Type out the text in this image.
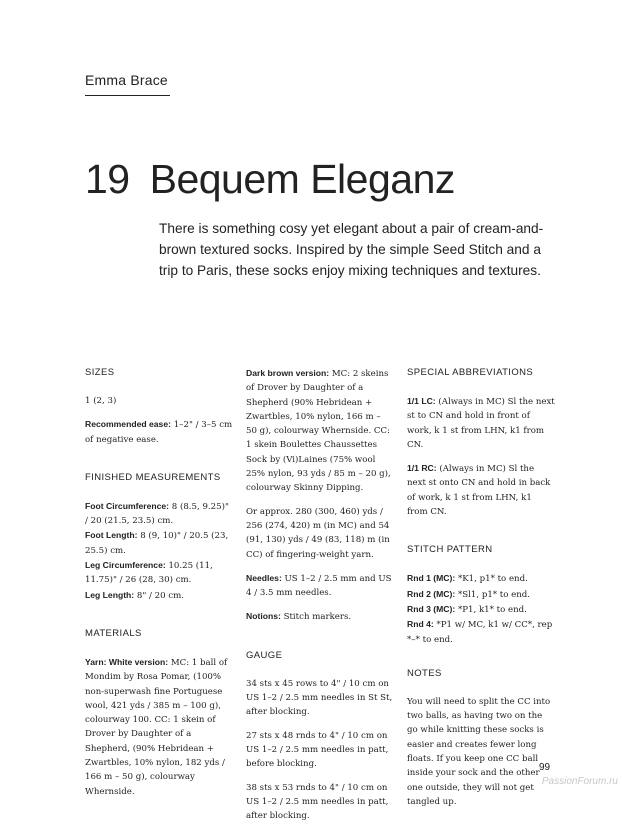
Emma Brace
19 Bequem Eleganz
There is something cosy yet elegant about a pair of cream-and-brown textured socks. Inspired by the simple Seed Stitch and a trip to Paris, these socks enjoy mixing techniques and textures.
SIZES

1 (2, 3)

Recommended ease: 1–2" / 3–5 cm of negative ease.

FINISHED MEASUREMENTS
Foot Circumference: 8 (8.5, 9.25)" / 20 (21.5, 23.5) cm.
Foot Length: 8 (9, 10)" / 20.5 (23, 25.5) cm.
Leg Circumference: 10.25 (11, 11.75)" / 26 (28, 30) cm.
Leg Length: 8" / 20 cm.
MATERIALS

Yarn: White version: MC: 1 ball of Mondim by Rosa Pomar, (100% non-superwash fine Portuguese wool, 421 yds / 385 m – 100 g), colourway 100. CC: 1 skein of Drover by Daughter of a Shepherd, (90% Hebridean + Zwartbles, 10% nylon, 182 yds / 166 m – 50 g), colourway Whernside.

Dark brown version: MC: 2 skeins of Drover by Daughter of a Shepherd (90% Hebridean + Zwartbles, 10% nylon, 166 m – 50 g), colourway Whernside. CC: 1 skein Boulettes Chaussettes Sock by (Vi)Laines (75% wool 25% nylon, 93 yds / 85 m – 20 g), colourway Skinny Dipping.

Or approx. 280 (300, 460) yds / 256 (274, 420) m (in MC) and 54 (91, 130) yds / 49 (83, 118) m (in CC) of fingering-weight yarn.

Needles: US 1–2 / 2.5 mm and US 4 / 3.5 mm needles.

Notions: Stitch markers.

GAUGE

34 sts x 45 rows to 4" / 10 cm on US 1–2 / 2.5 mm needles in St St, after blocking.

27 sts x 48 rnds to 4" / 10 cm on US 1–2 / 2.5 mm needles in patt, before blocking.

38 sts x 53 rnds to 4" / 10 cm on US 1–2 / 2.5 mm needles in patt, after blocking.

SPECIAL ABBREVIATIONS

1/1 LC: (Always in MC) Sl the next st to CN and hold in front of work, k 1 st from LHN, k1 from CN.

1/1 RC: (Always in MC) Sl the next st onto CN and hold in back of work, k 1 st from LHN, k1 from CN.

STITCH PATTERN
Rnd 1 (MC): *K1, p1* to end.
Rnd 2 (MC): *Sl1, p1* to end.
Rnd 3 (MC): *P1, k1* to end.
Rnd 4: *P1 w/ MC, k1 w/ CC*, rep *–* to end.
NOTES

You will need to split the CC into two balls, as having two on the go while knitting these socks is easier and creates fewer long floats. If you keep one CC ball inside your sock and the other one outside, they will not get tangled up.

99
PassionForum.ru
